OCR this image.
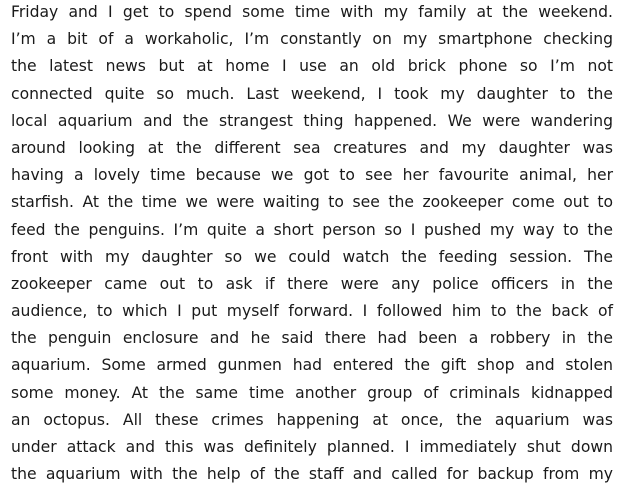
Friday and I get to spend some time with my family at the weekend.
I’m a bit of a workaholic, I’m constantly on my smartphone checking
the latest news but at home I use an old brick phone so I’m not
connected quite so much. Last weekend, I took my daughter to the
local aquarium and the strangest thing happened. We were wandering
around looking at the different sea creatures and my daughter was
having a lovely time because we got to see her favourite animal, her
starfish. At the time we were waiting to see the zookeeper come out to
feed the penguins. I’m quite a short person so I pushed my way to the
front with my daughter so we could watch the feeding session. The
zookeeper came out to ask if there were any police officers in the
audience, to which I put myself forward. I followed him to the back of
the penguin enclosure and he said there had been a robbery in the
aquarium. Some armed gunmen had entered the gift shop and stolen
some money. At the same time another group of criminals kidnapped
an octopus. All these crimes happening at once, the aquarium was
under attack and this was definitely planned. I immediately shut down
the aquarium with the help of the staff and called for backup from my
